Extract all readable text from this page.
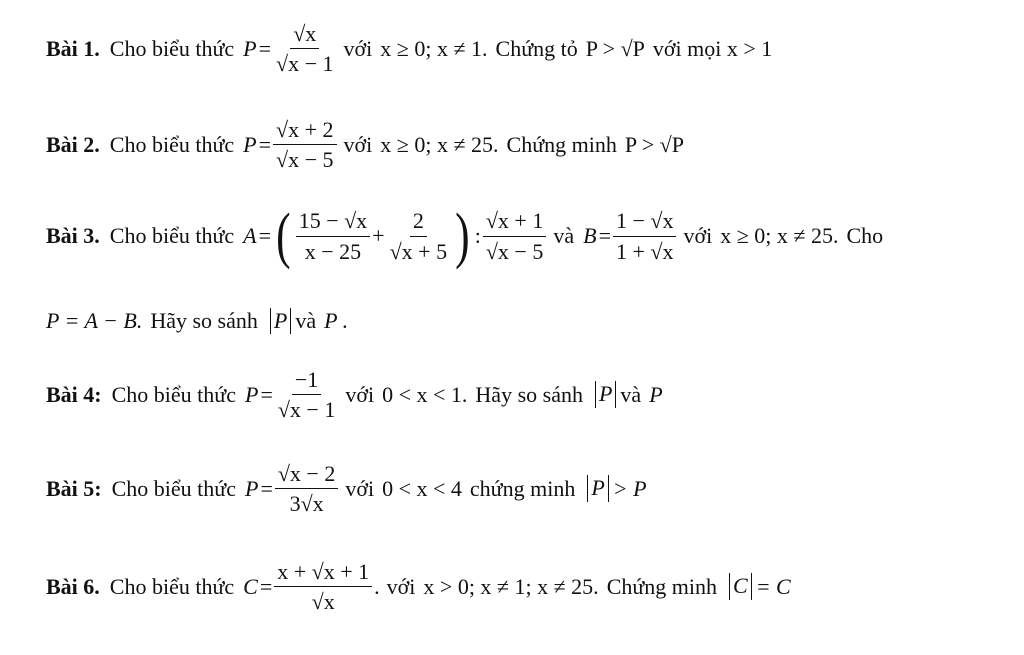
Bài 1. Cho biểu thức $P = \frac{√x}{√x - 1}$ với x ≥ 0; x ≠ 1. Chứng tỏ P > √P với mọi x > 1
Bài 2. Cho biểu thức $P = \frac{√x + 2}{√x - 5}$ với x ≥ 0; x ≠ 25. Chứng minh P > √P
Bài 3. Cho biểu thức A = ( $\frac{15 - √x}{x - 25} + \frac{2}{√x + 5}$ ) : $\frac{√x + 1}{√x - 5}$ và $B = \frac{1 - √x}{1 + √x}$ với x ≥ 0; x ≠ 25. Cho
P = A − B. Hãy so sánh P và P .
Bài 4: Cho biểu thức $P = \frac{-1}{√x - 1}$ với 0 < x < 1. Hãy so sánh P và P
Bài 5: Cho biểu thức $P = \frac{√x - 2}{3√x}$ với 0 < x < 4 chứng minh P > P
Bài 6. Cho biểu thức $C = \frac{x + √x + 1}{√x}$ . với x > 0; x ≠ 1; x ≠ 25. Chứng minh C = C
